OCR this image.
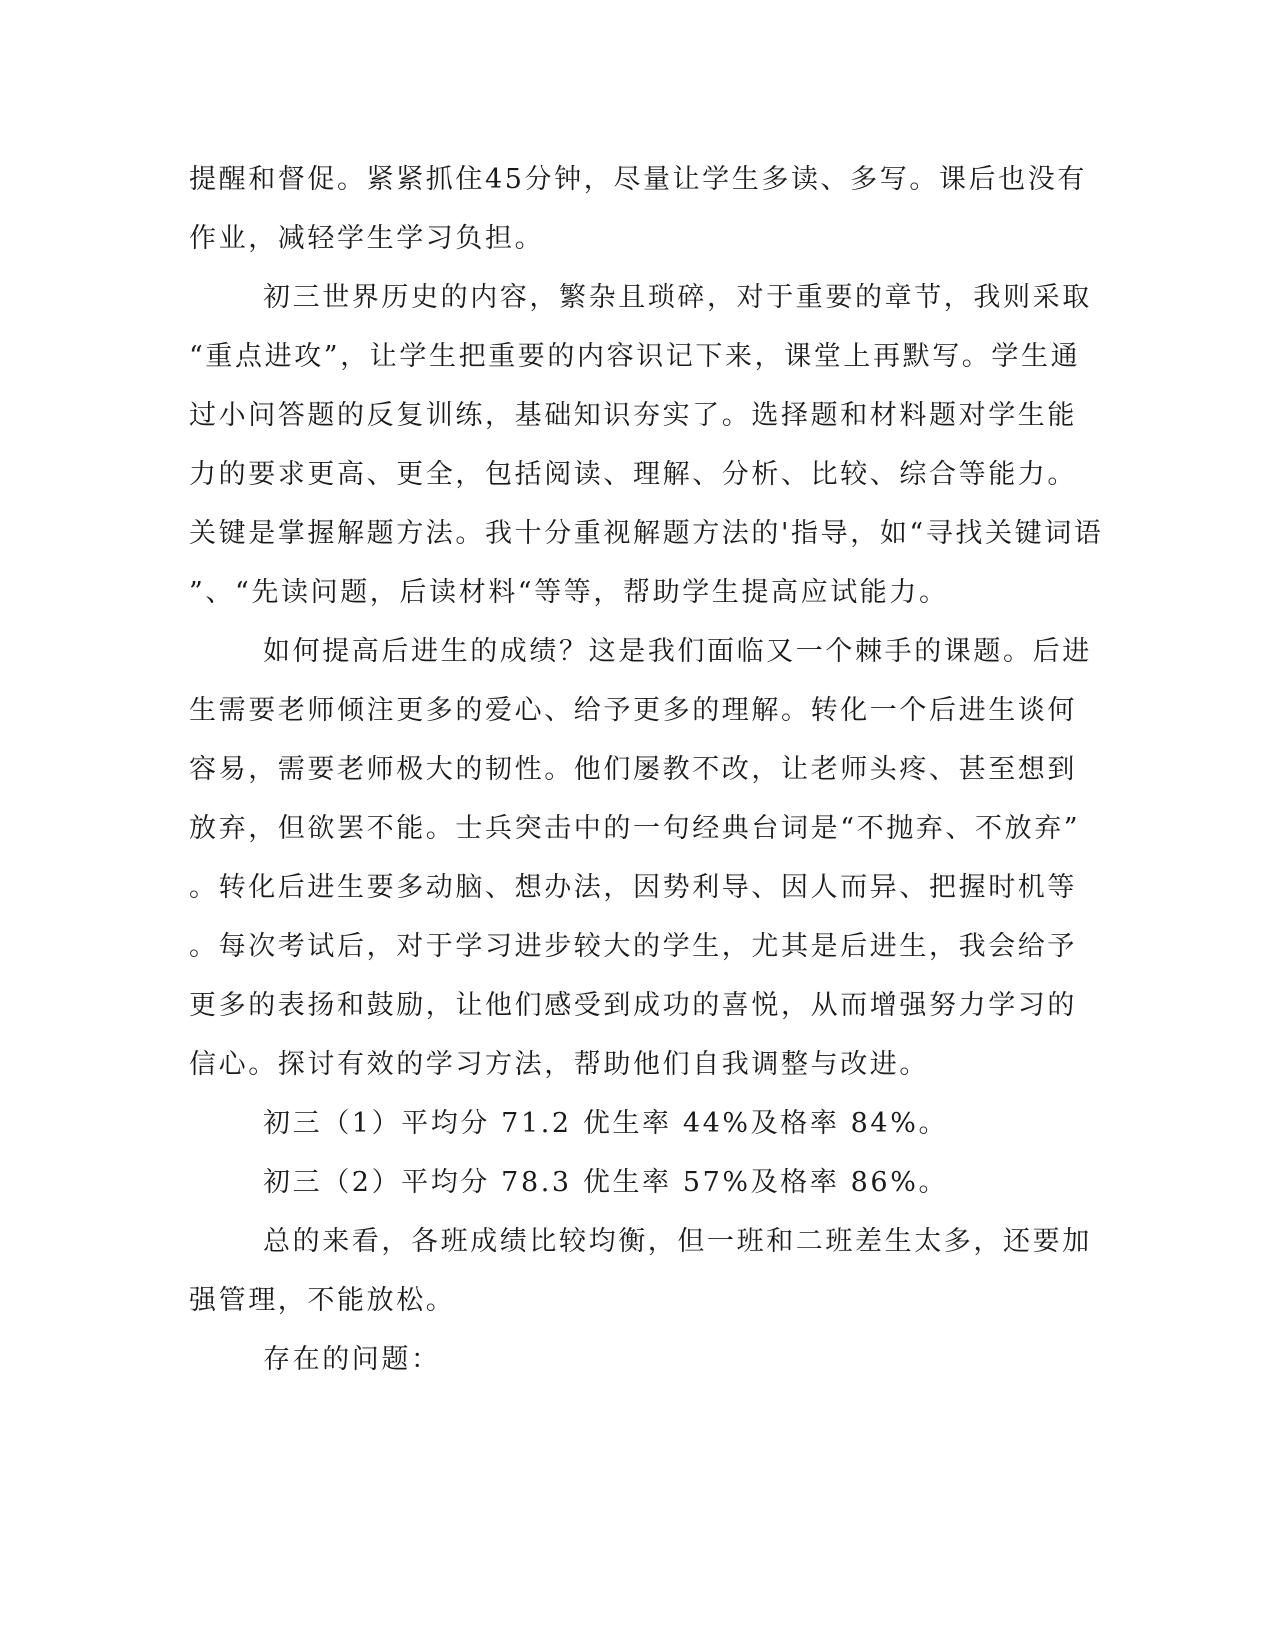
提醒和督促。紧紧抓住45分钟，尽量让学生多读、多写。课后也没有
作业，减轻学生学习负担。
初三世界历史的内容，繁杂且琐碎，对于重要的章节，我则采取
“重点进攻”，让学生把重要的内容识记下来，课堂上再默写。学生通
过小问答题的反复训练，基础知识夯实了。选择题和材料题对学生能
力的要求更高、更全，包括阅读、理解、分析、比较、综合等能力。
关键是掌握解题方法。我十分重视解题方法的'指导，如“寻找关键词语
”、“先读问题，后读材料“等等，帮助学生提高应试能力。
如何提高后进生的成绩？这是我们面临又一个棘手的课题。后进
生需要老师倾注更多的爱心、给予更多的理解。转化一个后进生谈何
容易，需要老师极大的韧性。他们屡教不改，让老师头疼、甚至想到
放弃，但欲罢不能。士兵突击中的一句经典台词是“不抛弃、不放弃”
。转化后进生要多动脑、想办法，因势利导、因人而异、把握时机等
。每次考试后，对于学习进步较大的学生，尤其是后进生，我会给予
更多的表扬和鼓励，让他们感受到成功的喜悦，从而增强努力学习的
信心。探讨有效的学习方法，帮助他们自我调整与改进。
初三（1）平均分 71.2 优生率 44%及格率 84%。
初三（2）平均分 78.3 优生率 57%及格率 86%。
总的来看，各班成绩比较均衡，但一班和二班差生太多，还要加
强管理，不能放松。
存在的问题：
